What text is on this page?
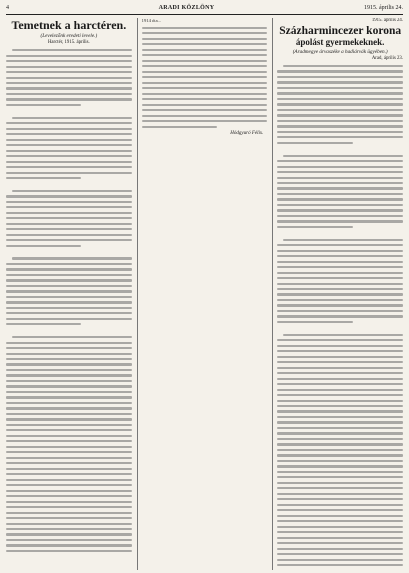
4	ARADI KÖZLÖNY	1915. április 24.
Temetnek a harctéren.
(Levelezőnk eredeti levele.)
Harctér, 1915. április.
1914 óta...
Hódgyuró Félix.
1915. április 24.
Százharmincezer korona
ápolást gyermekeknek.
(Aradmegye árvaszéke a hadiárvák ügyében.)
Arad, április 23.
